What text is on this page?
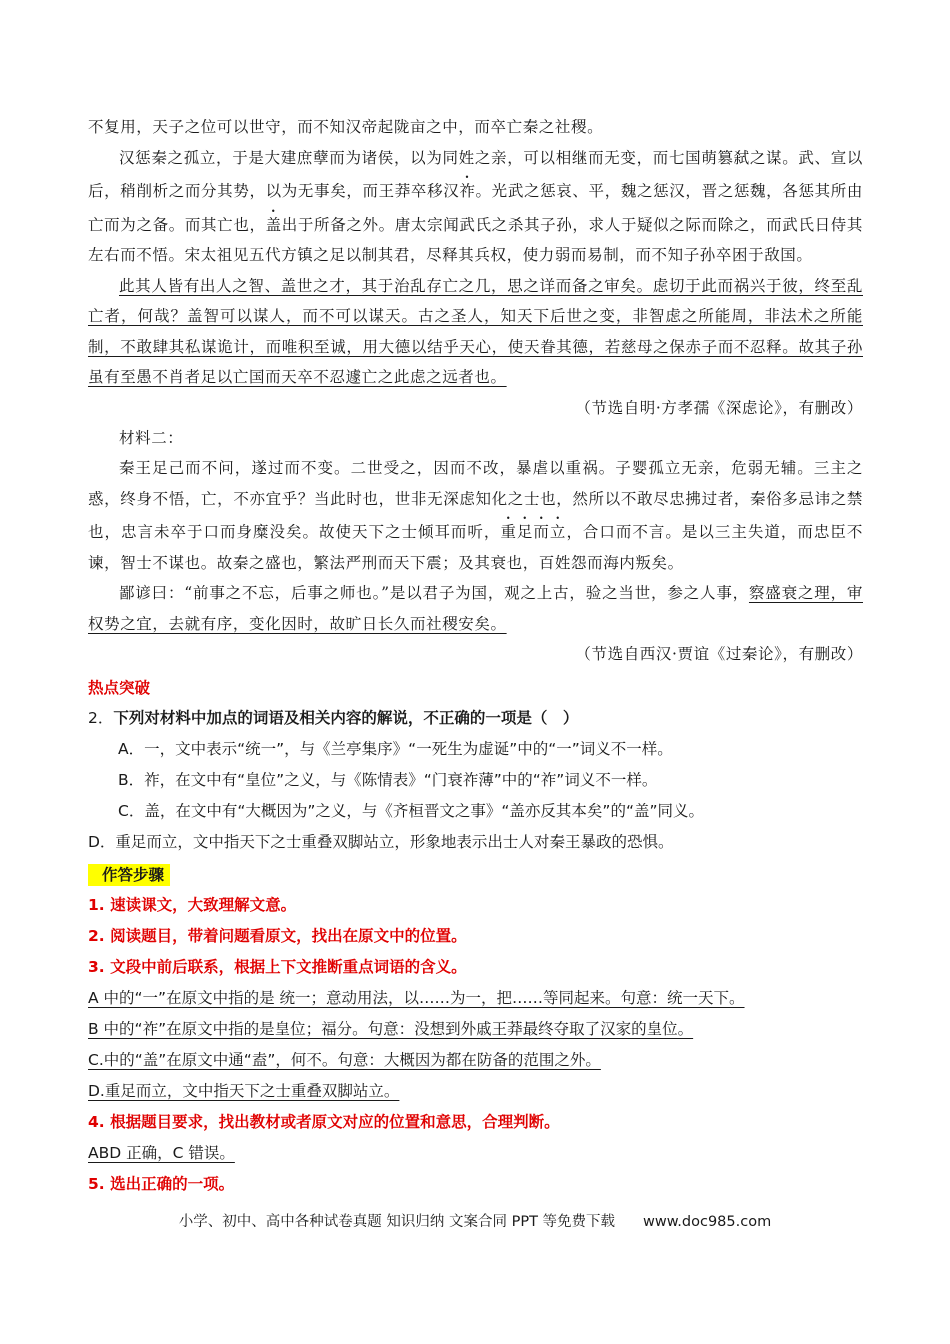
不复用，天子之位可以世守，而不知汉帝起陇亩之中，而卒亡秦之社稷。

汉惩秦之孤立，于是大建庶孽而为诸侯，以为同姓之亲，可以相继而无变，而七国萌篡弑之谋。武、宣以后，稍削析之而分其势，以为无事矣，而王莽卒移汉祚。光武之惩哀、平，魏之惩汉，晋之惩魏，各惩其所由亡而为之备。而其亡也，盖出于所备之外。唐太宗闻武氏之杀其子孙，求人于疑似之际而除之，而武氏日侍其左右而不悟。宋太祖见五代方镇之足以制其君，尽释其兵权，使力弱而易制，而不知子孙卒困于敌国。

此其人皆有出人之智、盖世之才，其于治乱存亡之几，思之详而备之审矣。虑切于此而祸兴于彼，终至乱亡者，何哉？盖智可以谋人，而不可以谋天。古之圣人，知天下后世之变，非智虑之所能周，非法术之所能制，不敢肆其私谋诡计，而唯积至诚，用大德以结乎天心，使天眷其德，若慈母之保赤子而不忍释。故其子孙虽有至愚不肖者足以亡国而天卒不忍遽亡之此虑之远者也。

（节选自明·方孝孺《深虑论》，有删改）

材料二：

秦王足己而不问，遂过而不变。二世受之，因而不改，暴虐以重祸。子婴孤立无亲，危弱无辅。三主之惑，终身不悟，亡，不亦宜乎？当此时也，世非无深虑知化之士也，然所以不敢尽忠拂过者，秦俗多忌讳之禁也，忠言未卒于口而身糜没矣。故使天下之士倾耳而听，重足而立，合口而不言。是以三主失道，而忠臣不谏，智士不谋也。故秦之盛也，繁法严刑而天下震；及其衰也，百姓怨而海内叛矣。

鄙谚曰：“前事之不忘，后事之师也。”是以君子为国，观之上古，验之当世，参之人事，察盛衰之理，审权势之宜，去就有序，变化因时，故旷日长久而社稷安矣。

（节选自西汉·贾谊《过秦论》，有删改）

热点突破

2．下列对材料中加点的词语及相关内容的解说，不正确的一项是（　）

A．一，文中表示“统一”，与《兰亭集序》“一死生为虚诞”中的“一”词义不一样。

B．祚，在文中有“皇位”之义，与《陈情表》“门衰祚薄”中的“祚”词义不一样。

C．盖，在文中有“大概因为”之义，与《齐桓晋文之事》“盖亦反其本矣”的“盖”同义。

D．重足而立，文中指天下之士重叠双脚站立，形象地表示出士人对秦王暴政的恐惧。

作答步骤

1. 速读课文，大致理解文意。

2. 阅读题目，带着问题看原文，找出在原文中的位置。

3. 文段中前后联系，根据上下文推断重点词语的含义。

A 中的“一”在原文中指的是 统一；意动用法，以……为一，把……等同起来。句意：统一天下。

B 中的“祚”在原文中指的是皇位；福分。句意：没想到外戚王莽最终夺取了汉家的皇位。

C.中的“盖”在原文中通“盍”，何不。句意：大概因为都在防备的范围之外。

D.重足而立，文中指天下之士重叠双脚站立。

4. 根据题目要求，找出教材或者原文对应的位置和意思，合理判断。

ABD 正确，C 错误。

5. 选出正确的一项。

小学、初中、高中各种试卷真题 知识归纳 文案合同 PPT 等免费下载 www.doc985.com
